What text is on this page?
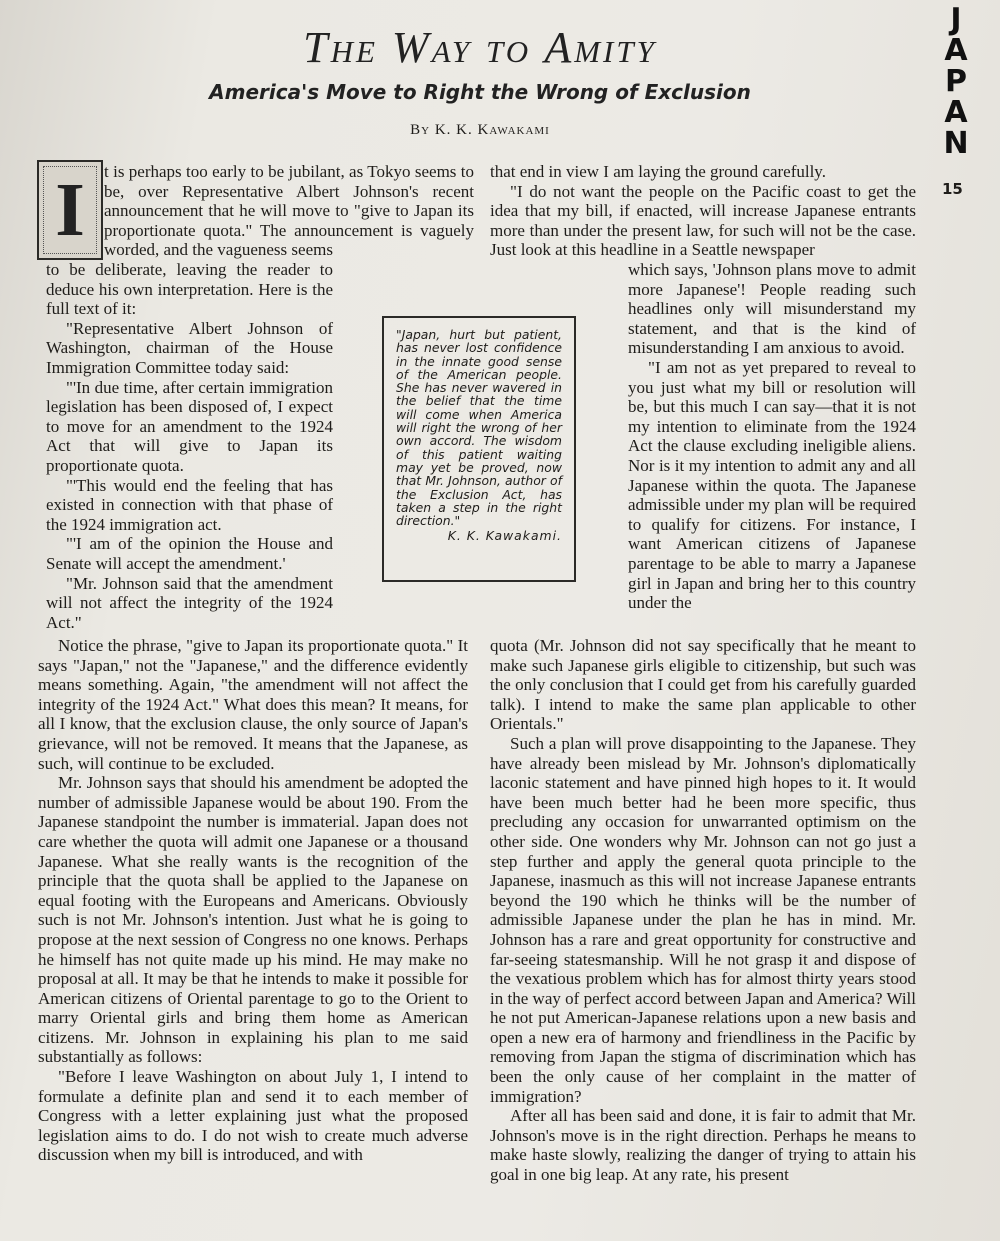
The Way to Amity
America's Move to Right the Wrong of Exclusion
By K. K. Kawakami
J
A
P
A
N
15
I	t is perhaps too early to be jubilant, as Tokyo seems to be, over Representative Albert Johnson's recent announcement that he will move to "give to Japan its proportionate quota." The announcement is vaguely worded, and the vagueness seems

to be deliberate, leaving the reader to deduce his own interpretation. Here is the full text of it:

"Representative Albert Johnson of Washington, chairman of the House Immigration Committee today said:

"'In due time, after certain immigration legislation has been disposed of, I expect to move for an amendment to the 1924 Act that will give to Japan its proportionate quota.

"'This would end the feeling that has existed in connection with that phase of the 1924 immigration act.

"'I am of the opinion the House and Senate will accept the amendment.'

"Mr. Johnson said that the amendment will not affect the integrity of the 1924 Act."

Notice the phrase, "give to Japan its proportionate quota." It says "Japan," not the "Japanese," and the difference evidently means something. Again, "the amendment will not affect the integrity of the 1924 Act." What does this mean? It means, for all I know, that the exclusion clause, the only source of Japan's grievance, will not be removed. It means that the Japanese, as such, will continue to be excluded.

Mr. Johnson says that should his amendment be adopted the number of admissible Japanese would be about 190. From the Japanese standpoint the number is immaterial. Japan does not care whether the quota will admit one Japanese or a thousand Japanese. What she really wants is the recognition of the principle that the quota shall be applied to the Japanese on equal footing with the Europeans and Americans. Obviously such is not Mr. Johnson's intention. Just what he is going to propose at the next session of Congress no one knows. Perhaps he himself has not quite made up his mind. He may make no proposal at all. It may be that he intends to make it possible for American citizens of Oriental parentage to go to the Orient to marry Oriental girls and bring them home as American citizens. Mr. Johnson in explaining his plan to me said substantially as follows:

"Before I leave Washington on about July 1, I intend to formulate a definite plan and send it to each member of Congress with a letter explaining just what the proposed legislation aims to do. I do not wish to create much adverse discussion when my bill is introduced, and with

"Japan, hurt but patient, has never lost confidence in the innate good sense of the American people. She has never wavered in the belief that the time will come when America will right the wrong of her own accord. The wisdom of this patient waiting may yet be proved, now that Mr. Johnson, author of the Exclusion Act, has taken a step in the right direction."
K. K. Kawakami.

that end in view I am laying the ground carefully.

"I do not want the people on the Pacific coast to get the idea that my bill, if enacted, will increase Japanese entrants more than under the present law, for such will not be the case. Just look at this headline in a Seattle newspaper

which says, 'Johnson plans move to admit more Japanese'! People reading such headlines only will misunderstand my statement, and that is the kind of misunderstanding I am anxious to avoid.

"I am not as yet prepared to reveal to you just what my bill or resolution will be, but this much I can say—that it is not my intention to eliminate from the 1924 Act the clause excluding ineligible aliens. Nor is it my intention to admit any and all Japanese within the quota. The Japanese admissible under my plan will be required to qualify for citizens. For instance, I want American citizens of Japanese parentage to be able to marry a Japanese girl in Japan and bring her to this country under the

quota (Mr. Johnson did not say specifically that he meant to make such Japanese girls eligible to citizenship, but such was the only conclusion that I could get from his carefully guarded talk). I intend to make the same plan applicable to other Orientals."

Such a plan will prove disappointing to the Japanese. They have already been mislead by Mr. Johnson's diplomatically laconic statement and have pinned high hopes to it. It would have been much better had he been more specific, thus precluding any occasion for unwarranted optimism on the other side. One wonders why Mr. Johnson can not go just a step further and apply the general quota principle to the Japanese, inasmuch as this will not increase Japanese entrants beyond the 190 which he thinks will be the number of admissible Japanese under the plan he has in mind. Mr. Johnson has a rare and great opportunity for constructive and far-seeing statesmanship. Will he not grasp it and dispose of the vexatious problem which has for almost thirty years stood in the way of perfect accord between Japan and America? Will he not put American-Japanese relations upon a new basis and open a new era of harmony and friendliness in the Pacific by removing from Japan the stigma of discrimination which has been the only cause of her complaint in the matter of immigration?

After all has been said and done, it is fair to admit that Mr. Johnson's move is in the right direction. Perhaps he means to make haste slowly, realizing the danger of trying to attain his goal in one big leap. At any rate, his present
